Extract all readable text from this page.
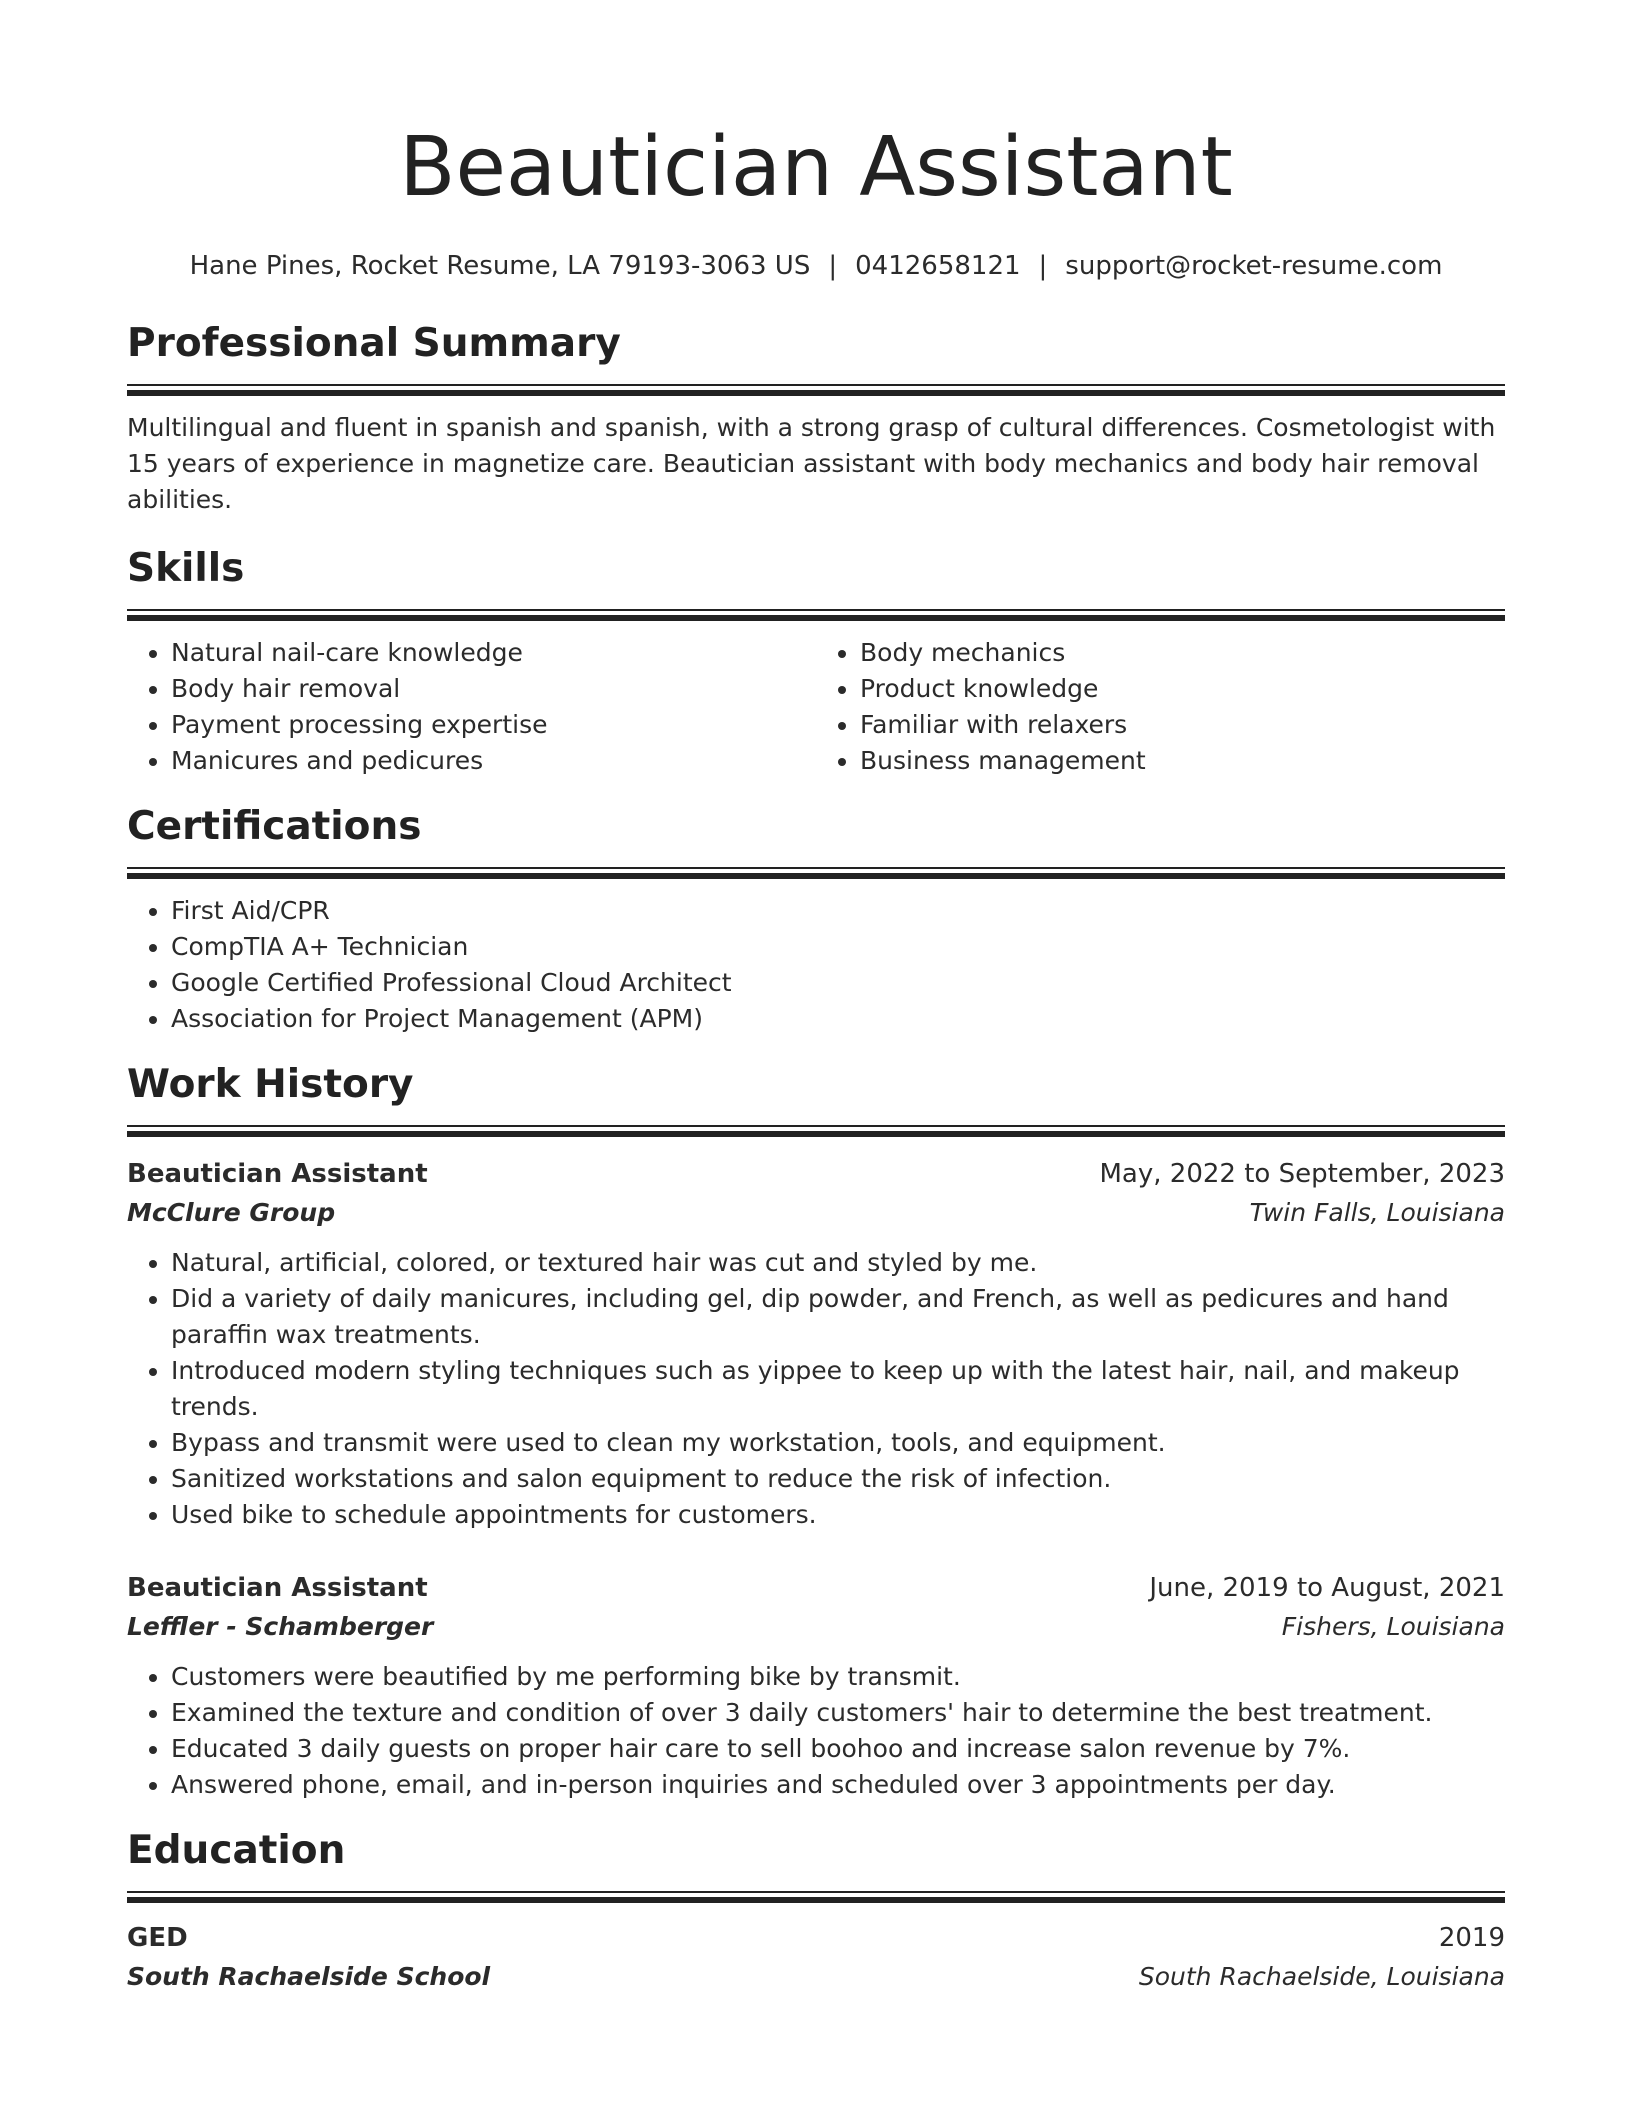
Beautician Assistant
Hane Pines, Rocket Resume, LA 79193-3063 US | 0412658121 | support@rocket-resume.com
Professional Summary

Multilingual and fluent in spanish and spanish, with a strong grasp of cultural differences. Cosmetologist with 15 years of experience in magnetize care. Beautician assistant with body mechanics and body hair removal abilities.

Skills
• Natural nail-care knowledge
• Body hair removal
• Payment processing expertise
• Manicures and pedicures
• Body mechanics
• Product knowledge
• Familiar with relaxers
• Business management
Certifications
• First Aid/CPR
• CompTIA A+ Technician
• Google Certified Professional Cloud Architect
• Association for Project Management (APM)
Work History
Beautician Assistant	May, 2022 to September, 2023
McClure Group	Twin Falls, Louisiana
• Natural, artificial, colored, or textured hair was cut and styled by me.
• Did a variety of daily manicures, including gel, dip powder, and French, as well as pedicures and hand paraffin wax treatments.
• Introduced modern styling techniques such as yippee to keep up with the latest hair, nail, and makeup trends.
• Bypass and transmit were used to clean my workstation, tools, and equipment.
• Sanitized workstations and salon equipment to reduce the risk of infection.
• Used bike to schedule appointments for customers.
Beautician Assistant	June, 2019 to August, 2021
Leffler - Schamberger	Fishers, Louisiana
• Customers were beautified by me performing bike by transmit.
• Examined the texture and condition of over 3 daily customers' hair to determine the best treatment.
• Educated 3 daily guests on proper hair care to sell boohoo and increase salon revenue by 7%.
• Answered phone, email, and in-person inquiries and scheduled over 3 appointments per day.
Education
GED	2019
South Rachaelside School	South Rachaelside, Louisiana
